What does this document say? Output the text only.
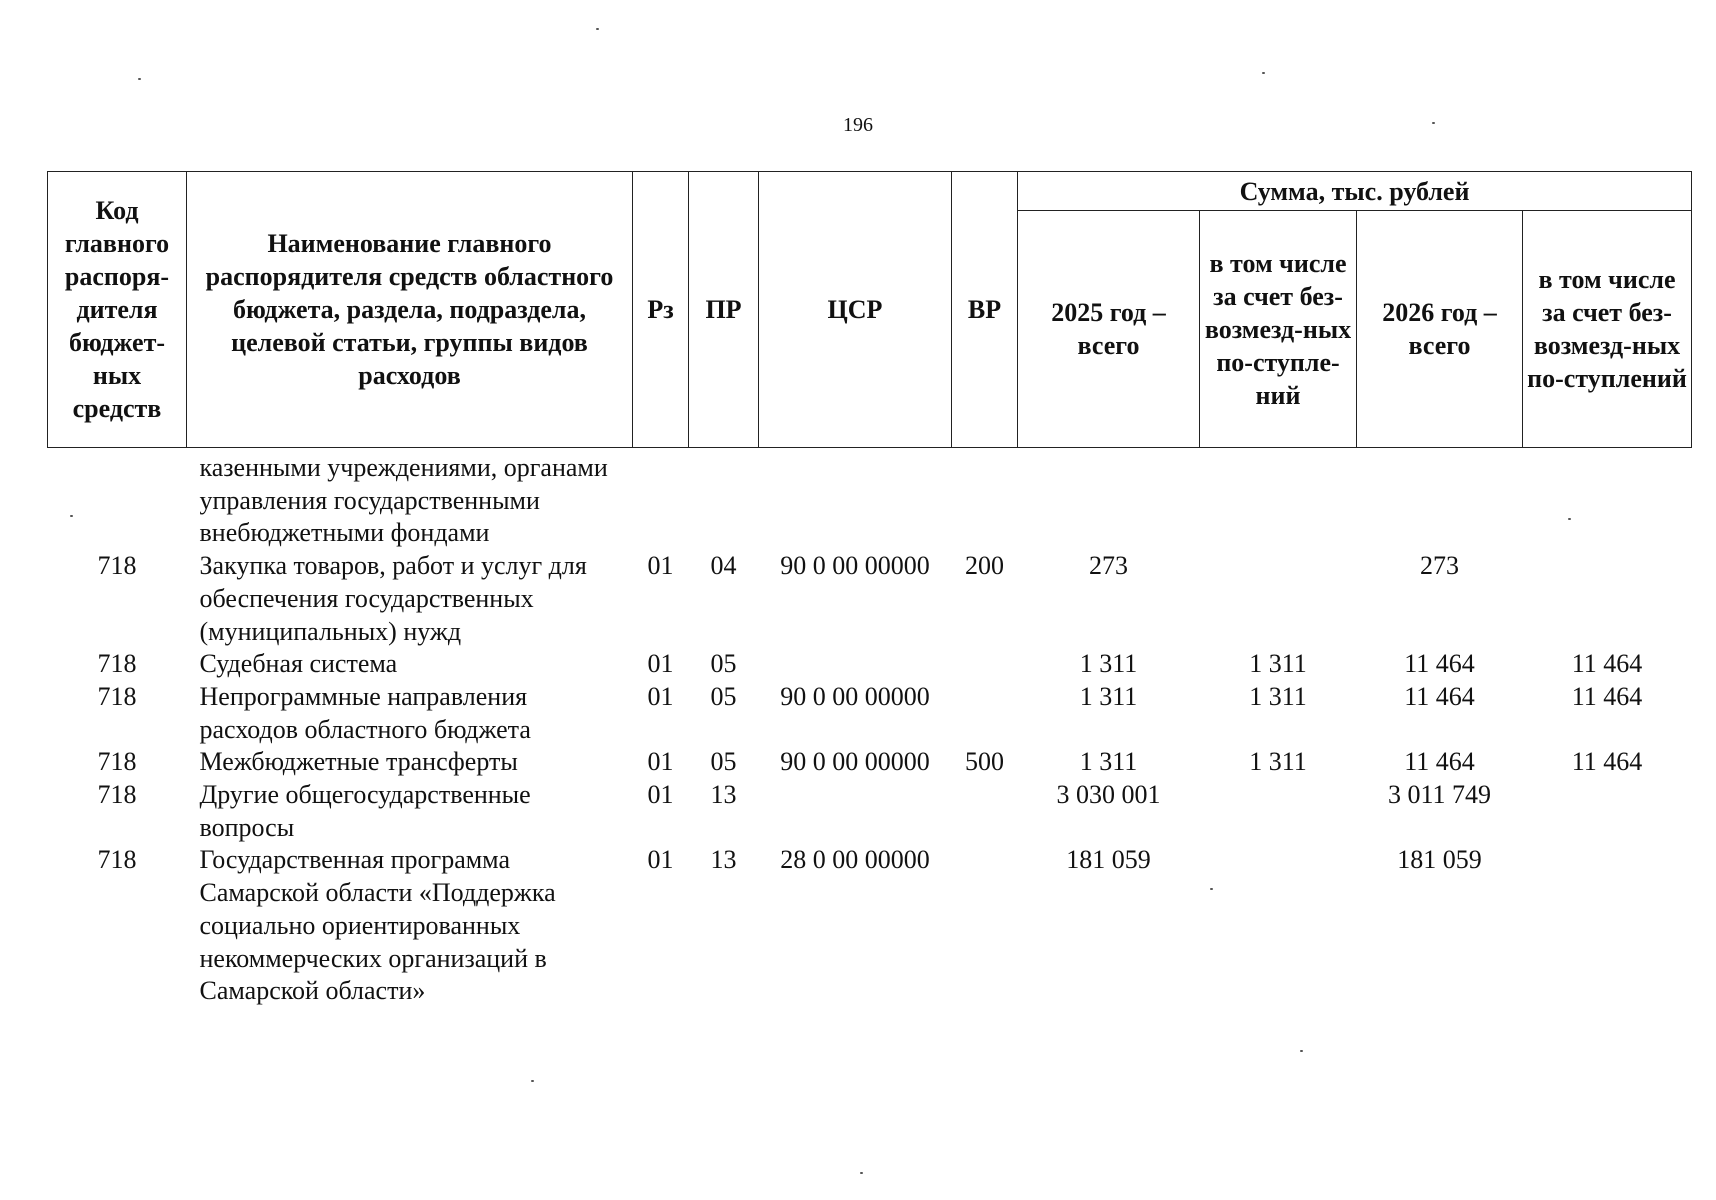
196
Код главного распоря-дителя бюджет-ных средств	Наименование главного распорядителя средств областного бюджета, раздела, подраздела, целевой статьи, группы видов расходов	Рз	ПР	ЦСР	ВР	Сумма, тыс. рублей			
						2025 год – всего	в том числе за счет без-возмезд-ных по-ступле-ний	2026 год – всего	в том числе за счет без-возмезд-ных по-ступлений
	казенными учреждениями, органами управления государственными внебюджетными фондами								
718	Закупка товаров, работ и услуг для обеспечения государственных (муниципальных) нужд	01	04	90 0 00 00000	200	273		273	
718	Судебная система	01	05			1 311	1 311	11 464	11 464
718	Непрограммные направления расходов областного бюджета	01	05	90 0 00 00000		1 311	1 311	11 464	11 464
718	Межбюджетные трансферты	01	05	90 0 00 00000	500	1 311	1 311	11 464	11 464
718	Другие общегосударственные вопросы	01	13			3 030 001		3 011 749	
718	Государственная программа Самарской области «Поддержка социально ориентированных некоммерческих организаций в Самарской области»	01	13	28 0 00 00000		181 059		181 059	
